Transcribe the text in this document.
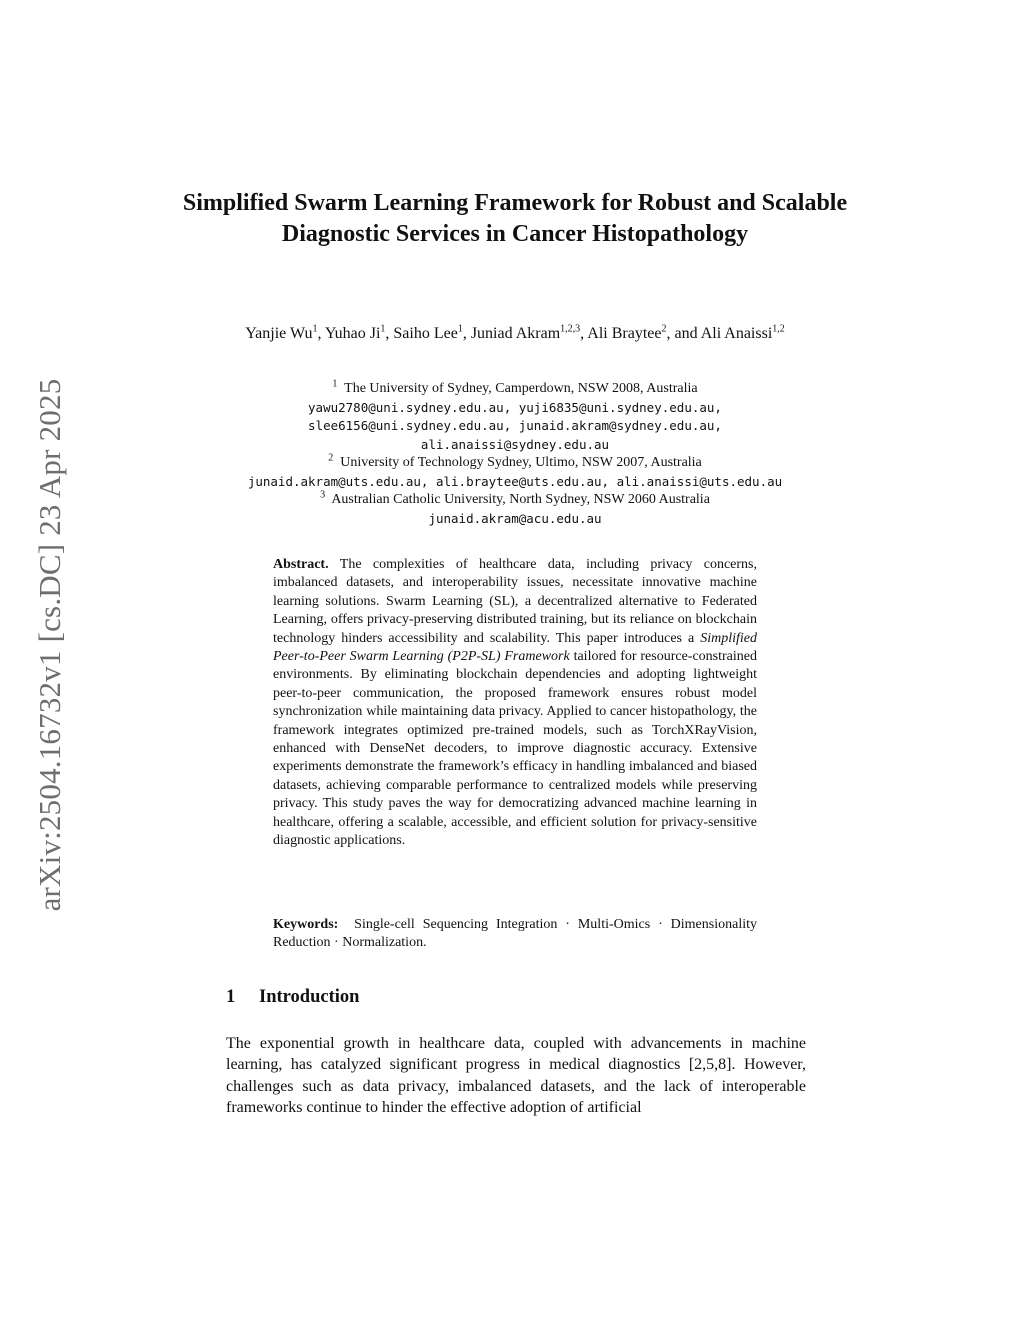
arXiv:2504.16732v1 [cs.DC] 23 Apr 2025
Simplified Swarm Learning Framework for Robust and Scalable Diagnostic Services in Cancer Histopathology
Yanjie Wu$^1$, Yuhao Ji$^1$, Saiho Lee$^1$, Juniad Akram$^{1,2,3}$, Ali Braytee$^2$, and Ali Anaissi$^{1,2}$
$^1$ The University of Sydney, Camperdown, NSW 2008, Australia
yawu2780@uni.sydney.edu.au, yuji6835@uni.sydney.edu.au,
slee6156@uni.sydney.edu.au, junaid.akram@sydney.edu.au,
ali.anaissi@sydney.edu.au
$^2$ University of Technology Sydney, Ultimo, NSW 2007, Australia
junaid.akram@uts.edu.au, ali.braytee@uts.edu.au, ali.anaissi@uts.edu.au
$^3$ Australian Catholic University, North Sydney, NSW 2060 Australia
junaid.akram@acu.edu.au
Abstract. The complexities of healthcare data, including privacy concerns, imbalanced datasets, and interoperability issues, necessitate innovative machine learning solutions. Swarm Learning (SL), a decentralized alternative to Federated Learning, offers privacy-preserving distributed training, but its reliance on blockchain technology hinders accessibility and scalability. This paper introduces a Simplified Peer-to-Peer Swarm Learning (P2P-SL) Framework tailored for resource-constrained environments. By eliminating blockchain dependencies and adopting lightweight peer-to-peer communication, the proposed framework ensures robust model synchronization while maintaining data privacy. Applied to cancer histopathology, the framework integrates optimized pre-trained models, such as TorchXRayVision, enhanced with DenseNet decoders, to improve diagnostic accuracy. Extensive experiments demonstrate the framework’s efficacy in handling imbalanced and biased datasets, achieving comparable performance to centralized models while preserving privacy. This study paves the way for democratizing advanced machine learning in healthcare, offering a scalable, accessible, and efficient solution for privacy-sensitive diagnostic applications.
Keywords: Single-cell Sequencing Integration · Multi-Omics · Dimensionality Reduction · Normalization.
1 Introduction
The exponential growth in healthcare data, coupled with advancements in machine learning, has catalyzed significant progress in medical diagnostics [2,5,8]. However, challenges such as data privacy, imbalanced datasets, and the lack of interoperable frameworks continue to hinder the effective adoption of artificial
